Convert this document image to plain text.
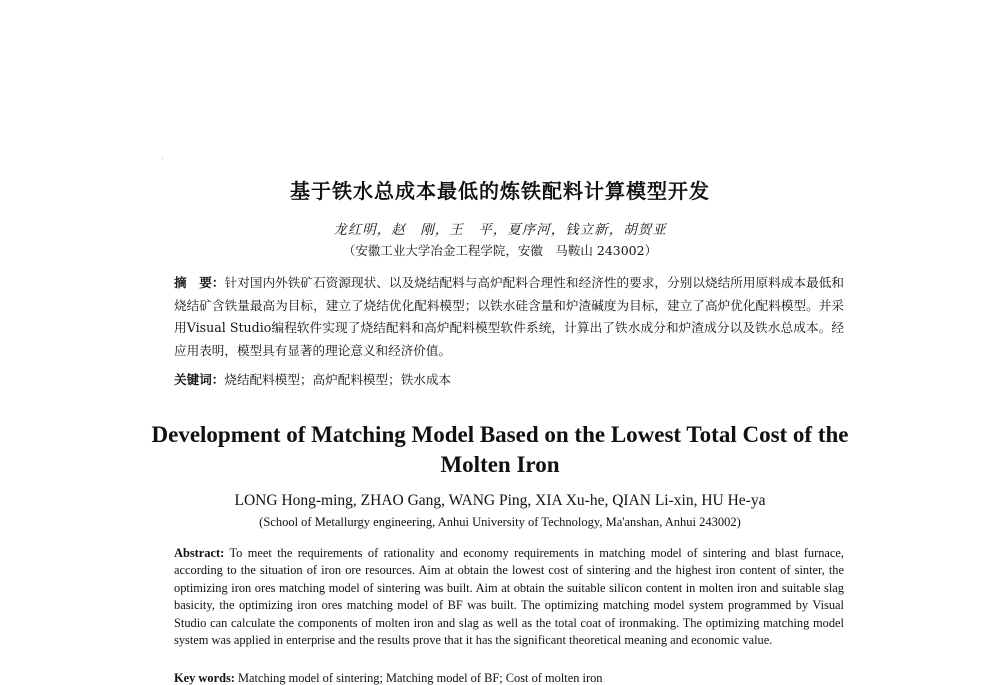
基于铁水总成本最低的炼铁配料计算模型开发
龙红明，赵　刚，王　平，夏序河，钱立新，胡贺亚
（安徽工业大学冶金工程学院，安徽　马鞍山 243002）
摘　要：针对国内外铁矿石资源现状、以及烧结配料与高炉配料合理性和经济性的要求，分别以烧结所用原料成本最低和烧结矿含铁量最高为目标，建立了烧结优化配料模型；以铁水硅含量和炉渣碱度为目标，建立了高炉优化配料模型。并采用Visual Studio编程软件实现了烧结配料和高炉配料模型软件系统，计算出了铁水成分和炉渣成分以及铁水总成本。经应用表明，模型具有显著的理论意义和经济价值。
关键词：烧结配料模型；高炉配料模型；铁水成本
Development of Matching Model Based on the Lowest Total Cost of the
Molten Iron
LONG Hong-ming, ZHAO Gang, WANG Ping, XIA Xu-he, QIAN Li-xin, HU He-ya
(School of Metallurgy engineering, Anhui University of Technology, Ma'anshan, Anhui 243002)
Abstract: To meet the requirements of rationality and economy requirements in matching model of sintering and blast furnace, according to the situation of iron ore resources. Aim at obtain the lowest cost of sintering and the highest iron content of sinter, the optimizing iron ores matching model of sintering was built. Aim at obtain the suitable silicon content in molten iron and suitable slag basicity, the optimizing iron ores matching model of BF was built. The optimizing matching model system programmed by Visual Studio can calculate the components of molten iron and slag as well as the total coat of ironmaking. The optimizing matching model system was applied in enterprise and the results prove that it has the significant theoretical meaning and economic value.
Key words: Matching model of sintering; Matching model of BF; Cost of molten iron
